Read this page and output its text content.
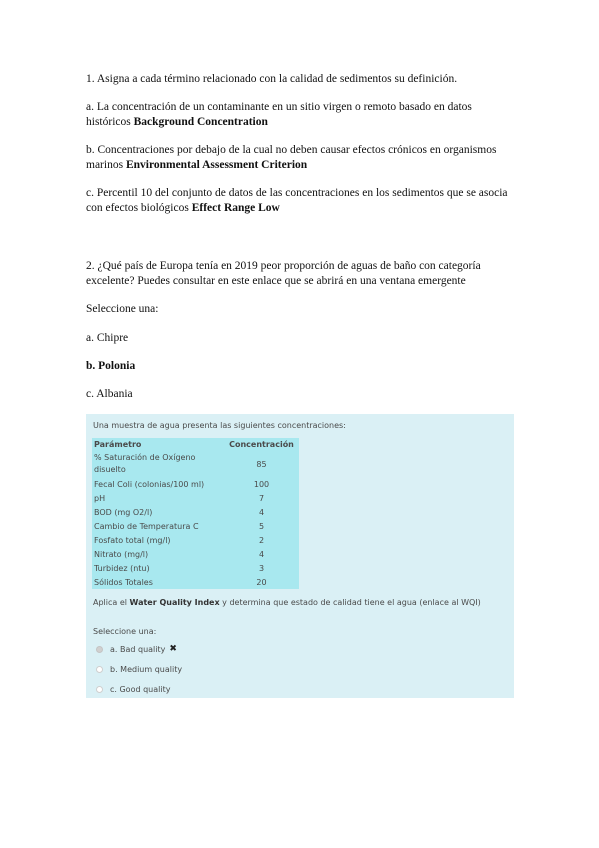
1. Asigna a cada término relacionado con la calidad de sedimentos su definición.
a. La concentración de un contaminante en un sitio virgen o remoto basado en datos históricos Background Concentration
b. Concentraciones por debajo de la cual no deben causar efectos crónicos en organismos marinos Environmental Assessment Criterion
c. Percentil 10 del conjunto de datos de las concentraciones en los sedimentos que se asocia con efectos biológicos Effect Range Low
2. ¿Qué país de Europa tenía en 2019 peor proporción de aguas de baño con categoría excelente? Puedes consultar en este enlace que se abrirá en una ventana emergente
Seleccione una:
a. Chipre
b. Polonia
c. Albania
Una muestra de agua presenta las siguientes concentraciones:
Parámetro	Concentración
% Saturación de Oxígeno disuelto	85
Fecal Coli (colonias/100 ml)	100
pH	7
BOD (mg O2/l)	4
Cambio de Temperatura C	5
Fosfato total (mg/l)	2
Nitrato (mg/l)	4
Turbidez (ntu)	3
Sólidos Totales	20
Aplica el Water Quality Index y determina que estado de calidad tiene el agua (enlace al WQI)
Seleccione una:
a. Bad quality ✖
b. Medium quality
c. Good quality
